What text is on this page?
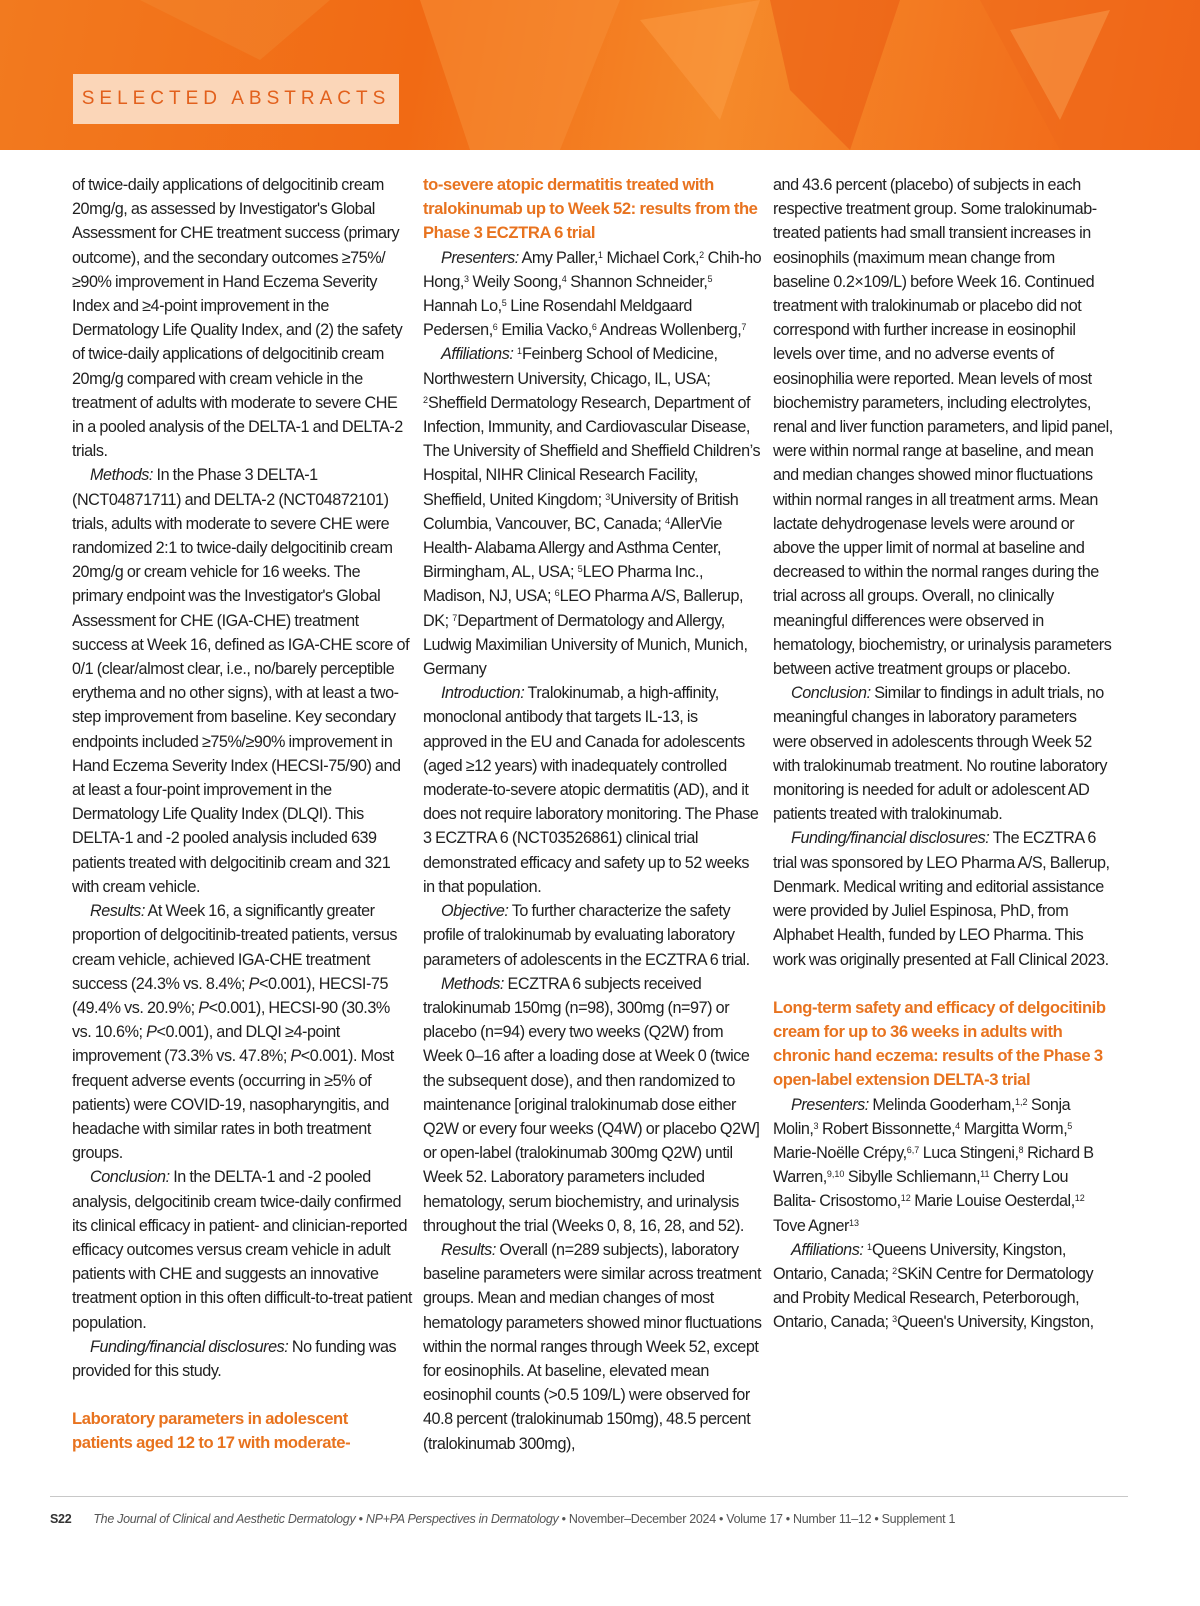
SELECTED ABSTRACTS

of twice-daily applications of delgocitinib cream 20mg/g, as assessed by Investigator's Global Assessment for CHE treatment success (primary outcome), and the secondary outcomes ≥75%/≥90% improvement in Hand Eczema Severity Index and ≥4-point improvement in the Dermatology Life Quality Index, and (2) the safety of twice-daily applications of delgocitinib cream 20mg/g compared with cream vehicle in the treatment of adults with moderate to severe CHE in a pooled analysis of the DELTA-1 and DELTA-2 trials.

Methods: In the Phase 3 DELTA-1 (NCT04871711) and DELTA-2 (NCT04872101) trials, adults with moderate to severe CHE were randomized 2:1 to twice-daily delgocitinib cream 20mg/g or cream vehicle for 16 weeks. The primary endpoint was the Investigator's Global Assessment for CHE (IGA-CHE) treatment success at Week 16, defined as IGA-CHE score of 0/1 (clear/almost clear, i.e., no/barely perceptible erythema and no other signs), with at least a two-step improvement from baseline. Key secondary endpoints included ≥75%/≥90% improvement in Hand Eczema Severity Index (HECSI-75/90) and at least a four-point improvement in the Dermatology Life Quality Index (DLQI). This DELTA-1 and -2 pooled analysis included 639 patients treated with delgocitinib cream and 321 with cream vehicle.

Results: At Week 16, a significantly greater proportion of delgocitinib-treated patients, versus cream vehicle, achieved IGA-CHE treatment success (24.3% vs. 8.4%; P<0.001), HECSI-75 (49.4% vs. 20.9%; P<0.001), HECSI-90 (30.3% vs. 10.6%; P<0.001), and DLQI ≥4-point improvement (73.3% vs. 47.8%; P<0.001). Most frequent adverse events (occurring in ≥5% of patients) were COVID-19, nasopharyngitis, and headache with similar rates in both treatment groups.

Conclusion: In the DELTA-1 and -2 pooled analysis, delgocitinib cream twice-daily confirmed its clinical efficacy in patient- and clinician-reported efficacy outcomes versus cream vehicle in adult patients with CHE and suggests an innovative treatment option in this often difficult-to-treat patient population.

Funding/financial disclosures: No funding was provided for this study.

Laboratory parameters in adolescent patients aged 12 to 17 with moderate-

to-severe atopic dermatitis treated with tralokinumab up to Week 52: results from the Phase 3 ECZTRA 6 trial

Presenters: Amy Paller,$^1$ Michael Cork,$^2$ Chih-ho Hong,$^3$ Weily Soong,$^4$ Shannon Schneider,$^5$ Hannah Lo,$^5$ Line Rosendahl Meldgaard Pedersen,$^6$ Emilia Vacko,$^6$ Andreas Wollenberg,$^7$

Affiliations: $^1$Feinberg School of Medicine, Northwestern University, Chicago, IL, USA; $^2$Sheffield Dermatology Research, Department of Infection, Immunity, and Cardiovascular Disease, The University of Sheffield and Sheffield Children’s Hospital, NIHR Clinical Research Facility, Sheffield, United Kingdom; $^3$University of British Columbia, Vancouver, BC, Canada; $^4$AllerVie Health- Alabama Allergy and Asthma Center, Birmingham, AL, USA; $^5$LEO Pharma Inc., Madison, NJ, USA; $^6$LEO Pharma A/S, Ballerup, DK; $^7$Department of Dermatology and Allergy, Ludwig Maximilian University of Munich, Munich, Germany

Introduction: Tralokinumab, a high-affinity, monoclonal antibody that targets IL-13, is approved in the EU and Canada for adolescents (aged ≥12 years) with inadequately controlled moderate-to-severe atopic dermatitis (AD), and it does not require laboratory monitoring. The Phase 3 ECZTRA 6 (NCT03526861) clinical trial demonstrated efficacy and safety up to 52 weeks in that population.

Objective: To further characterize the safety profile of tralokinumab by evaluating laboratory parameters of adolescents in the ECZTRA 6 trial.

Methods: ECZTRA 6 subjects received tralokinumab 150mg (n=98), 300mg (n=97) or placebo (n=94) every two weeks (Q2W) from Week 0–16 after a loading dose at Week 0 (twice the subsequent dose), and then randomized to maintenance [original tralokinumab dose either Q2W or every four weeks (Q4W) or placebo Q2W] or open-label (tralokinumab 300mg Q2W) until Week 52. Laboratory parameters included hematology, serum biochemistry, and urinalysis throughout the trial (Weeks 0, 8, 16, 28, and 52).

Results: Overall (n=289 subjects), laboratory baseline parameters were similar across treatment groups. Mean and median changes of most hematology parameters showed minor fluctuations within the normal ranges through Week 52, except for eosinophils. At baseline, elevated mean eosinophil counts (>0.5 109/L) were observed for 40.8 percent (tralokinumab 150mg), 48.5 percent (tralokinumab 300mg),

and 43.6 percent (placebo) of subjects in each respective treatment group. Some tralokinumab-treated patients had small transient increases in eosinophils (maximum mean change from baseline 0.2×109/L) before Week 16. Continued treatment with tralokinumab or placebo did not correspond with further increase in eosinophil levels over time, and no adverse events of eosinophilia were reported. Mean levels of most biochemistry parameters, including electrolytes, renal and liver function parameters, and lipid panel, were within normal range at baseline, and mean and median changes showed minor fluctuations within normal ranges in all treatment arms. Mean lactate dehydrogenase levels were around or above the upper limit of normal at baseline and decreased to within the normal ranges during the trial across all groups. Overall, no clinically meaningful differences were observed in hematology, biochemistry, or urinalysis parameters between active treatment groups or placebo.

Conclusion: Similar to findings in adult trials, no meaningful changes in laboratory parameters were observed in adolescents through Week 52 with tralokinumab treatment. No routine laboratory monitoring is needed for adult or adolescent AD patients treated with tralokinumab.

Funding/financial disclosures: The ECZTRA 6 trial was sponsored by LEO Pharma A/S, Ballerup, Denmark. Medical writing and editorial assistance were provided by Juliel Espinosa, PhD, from Alphabet Health, funded by LEO Pharma. This work was originally presented at Fall Clinical 2023.

Long-term safety and efficacy of delgocitinib cream for up to 36 weeks in adults with chronic hand eczema: results of the Phase 3 open-label extension DELTA-3 trial

Presenters: Melinda Gooderham,$^{1,2}$ Sonja Molin,$^3$ Robert Bissonnette,$^4$ Margitta Worm,$^5$ Marie-Noëlle Crépy,$^{6,7}$ Luca Stingeni,$^8$ Richard B Warren,$^{9,10}$ Sibylle Schliemann,$^{11}$ Cherry Lou Balita- Crisostomo,$^{12}$ Marie Louise Oesterdal,$^{12}$ Tove Agner$^{13}$

Affiliations: $^1$Queens University, Kingston, Ontario, Canada; $^2$SKiN Centre for Dermatology and Probity Medical Research, Peterborough, Ontario, Canada; $^3$Queen's University, Kingston,

S22 The Journal of Clinical and Aesthetic Dermatology • NP+PA Perspectives in Dermatology • November–December 2024 • Volume 17 • Number 11–12 • Supplement 1
